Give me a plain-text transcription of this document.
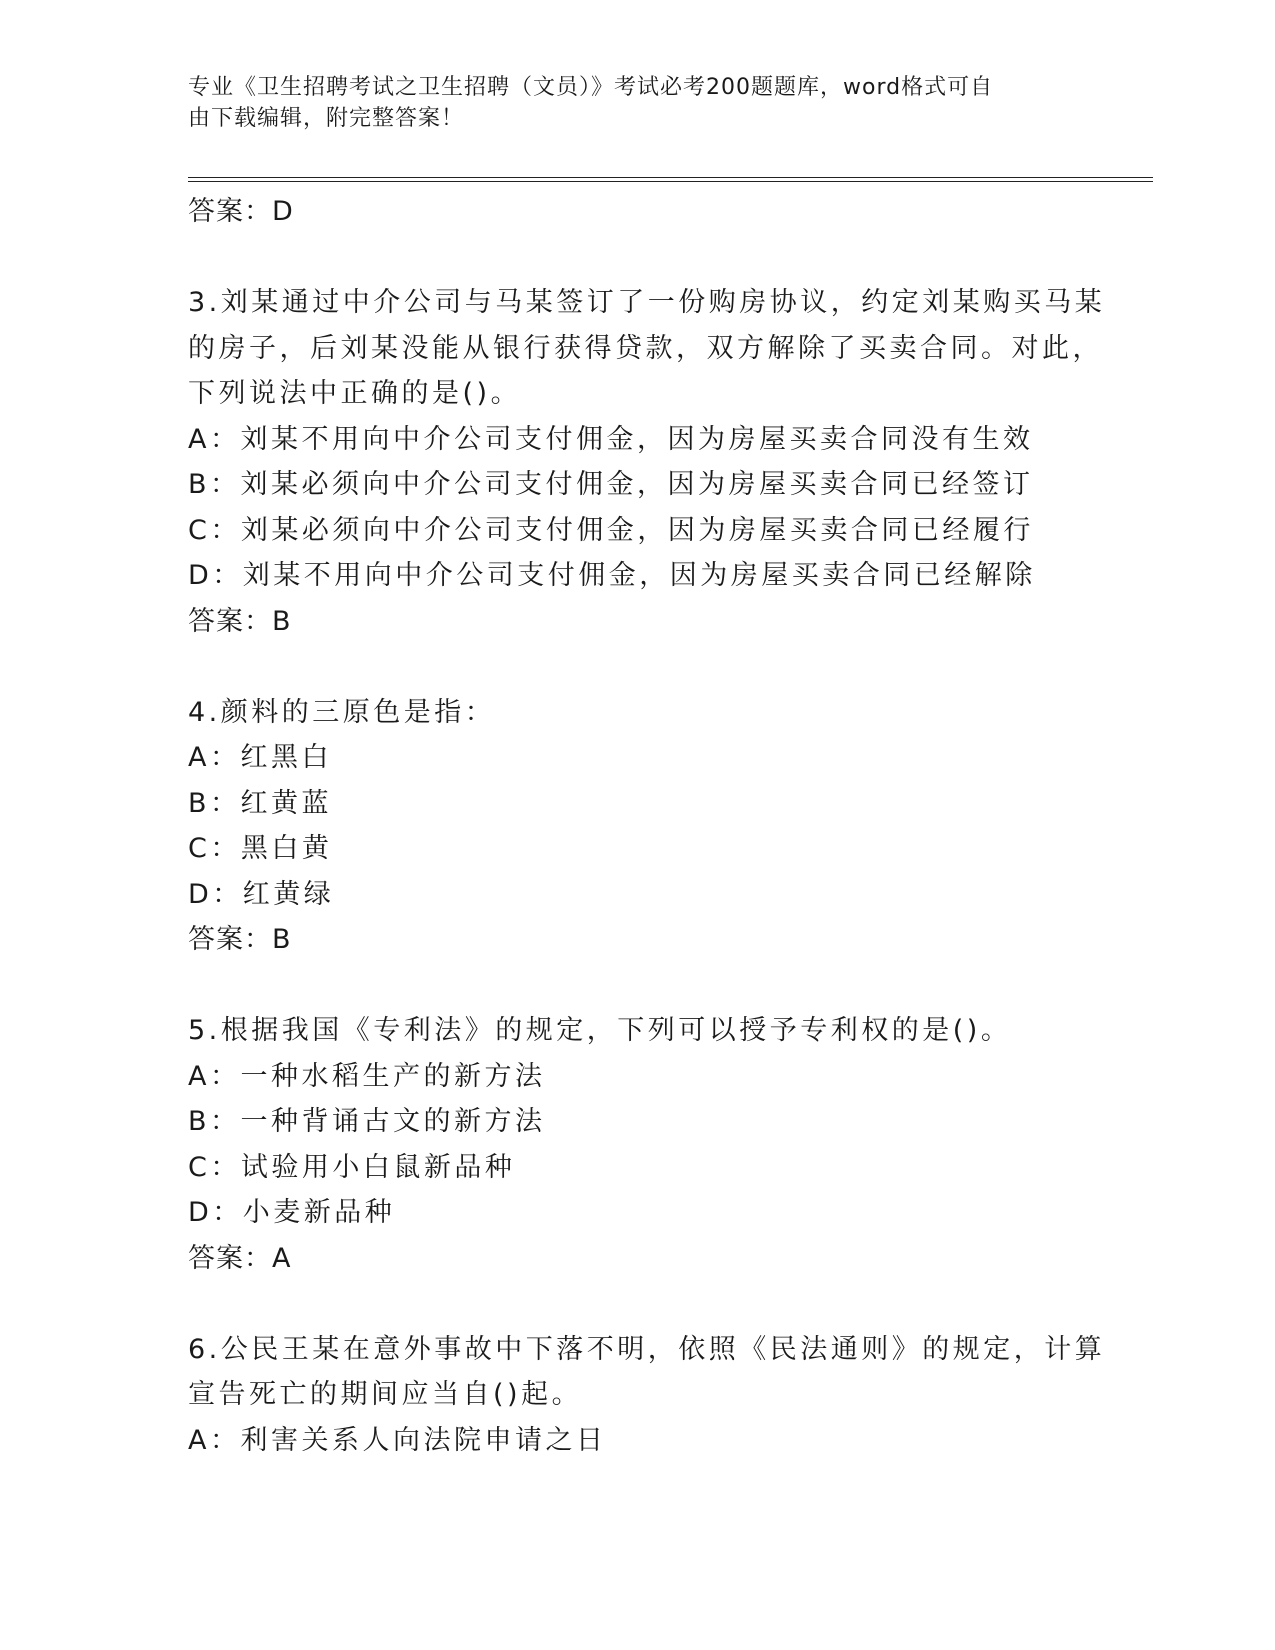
专业《卫生招聘考试之卫生招聘（文员）》考试必考200题题库，word格式可自
由下载编辑，附完整答案！
答案：D
3.刘某通过中介公司与马某签订了一份购房协议，约定刘某购买马某
的房子，后刘某没能从银行获得贷款，双方解除了买卖合同。对此，
下列说法中正确的是()。
A：刘某不用向中介公司支付佣金，因为房屋买卖合同没有生效
B：刘某必须向中介公司支付佣金，因为房屋买卖合同已经签订
C：刘某必须向中介公司支付佣金，因为房屋买卖合同已经履行
D：刘某不用向中介公司支付佣金，因为房屋买卖合同已经解除
答案：B
4.颜料的三原色是指：
A：红黑白
B：红黄蓝
C：黑白黄
D：红黄绿
答案：B
5.根据我国《专利法》的规定，下列可以授予专利权的是()。
A：一种水稻生产的新方法
B：一种背诵古文的新方法
C：试验用小白鼠新品种
D：小麦新品种
答案：A
6.公民王某在意外事故中下落不明，依照《民法通则》的规定，计算
宣告死亡的期间应当自()起。
A：利害关系人向法院申请之日
